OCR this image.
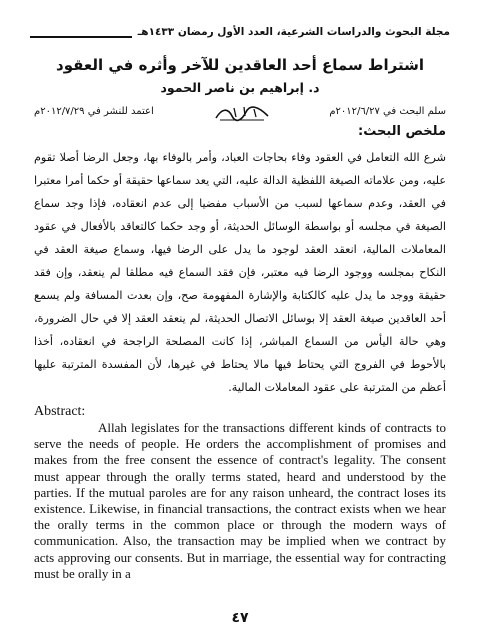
مجلة البحوث والدراسات الشرعية، العدد الأول رمضان ١٤٣٣هـ
اشتراط سماع أحد العاقدين للآخر وأثره في العقود
د. إبراهيم بن ناصر الحمود
سلم البحث في ٢٠١٢/٦/٢٧م
اعتمد للنشر في ٢٠١٢/٧/٢٩م
ملخص البحث:
شرع الله التعامل في العقود وفاء بحاجات العباد، وأمر بالوفاء بها، وجعل الرضا أصلا تقوم عليه، ومن علاماته الصيغة اللفظية الدالة عليه، التي يعد سماعها حقيقة أو حكما أمرا معتبرا في العقد، وعدم سماعها لسبب من الأسباب مفضيا إلى عدم انعقاده، فإذا وجد سماع الصيغة في مجلسه أو بواسطة الوسائل الحديثة، أو وجد حكما كالتعاقد بالأفعال في عقود المعاملات المالية، انعقد العقد لوجود ما يدل على الرضا فيها، وسماع صيغة العقد في النكاح بمجلسه ووجود الرضا فيه معتبر، فإن فقد السماع فيه مطلقا لم ينعقد، وإن فقد حقيقة ووجد ما يدل عليه كالكتابة والإشارة المفهومة صح، وإن بعدت المسافة ولم يسمع أحد العاقدين صيغة العقد إلا بوسائل الاتصال الحديثة، لم ينعقد العقد إلا في حال الضرورة، وهي حالة اليأس من السماع المباشر، إذا كانت المصلحة الراجحة في انعقاده، أخذا بالأحوط في الفروج التي يحتاط فيها مالا يحتاط في غيرها، لأن المفسدة المترتبة عليها أعظم من المترتبة على عقود المعاملات المالية.
Abstract:
Allah legislates for the transactions different kinds of contracts to serve the needs of people. He orders the accomplishment of promises and makes from the free consent the essence of contract's legality. The consent must appear through the orally terms stated, heard and understood by the parties. If the mutual paroles are for any raison unheard, the contract loses its existence. Likewise, in financial transactions, the contract exists when we hear the orally terms in the common place or through the modern ways of communication. Also, the transaction may be implied when we contract by acts approving our consents. But in marriage, the essential way for contracting must be orally in a
٤٧
